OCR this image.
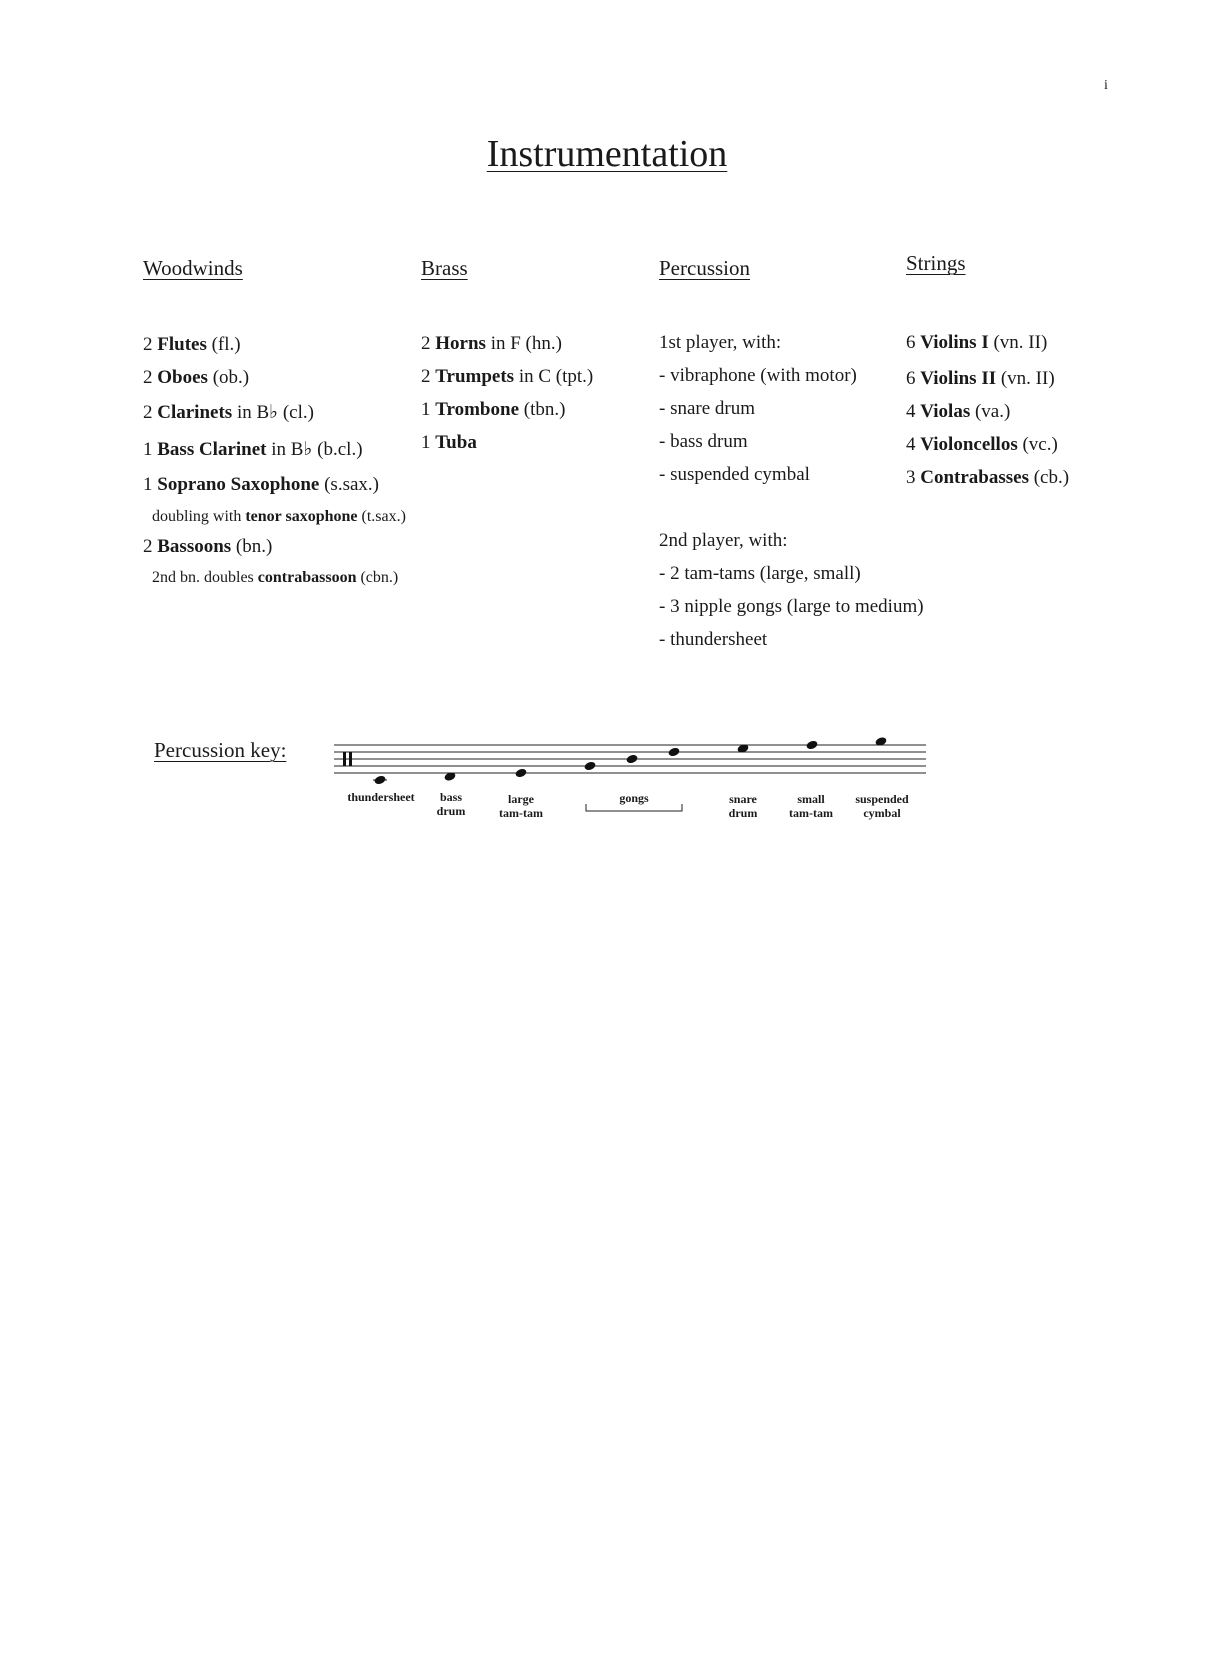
i
Instrumentation
Woodwinds
2 Flutes (fl.)
2 Oboes (ob.)
2 Clarinets in B♭ (cl.)
1 Bass Clarinet in B♭ (b.cl.)
1 Soprano Saxophone (s.sax.)
doubling with tenor saxophone (t.sax.)
2 Bassoons (bn.)
2nd bn. doubles contrabassoon (cbn.)
Brass
2 Horns in F (hn.)
2 Trumpets in C (tpt.)
1 Trombone (tbn.)
1 Tuba
Percussion
1st player, with:
- vibraphone (with motor)
- snare drum
- bass drum
- suspended cymbal
2nd player, with:
- 2 tam-tams (large, small)
- 3 nipple gongs (large to medium)
- thundersheet
Strings
6 Violins I (vn. II)
6 Violins II (vn. II)
4 Violas (va.)
4 Violoncellos (vc.)
3 Contrabasses (cb.)
Percussion key:
thundersheet bass
drum
large
tam-tam
gongs	snare
drum
small
tam-tam
suspended
cymbal
